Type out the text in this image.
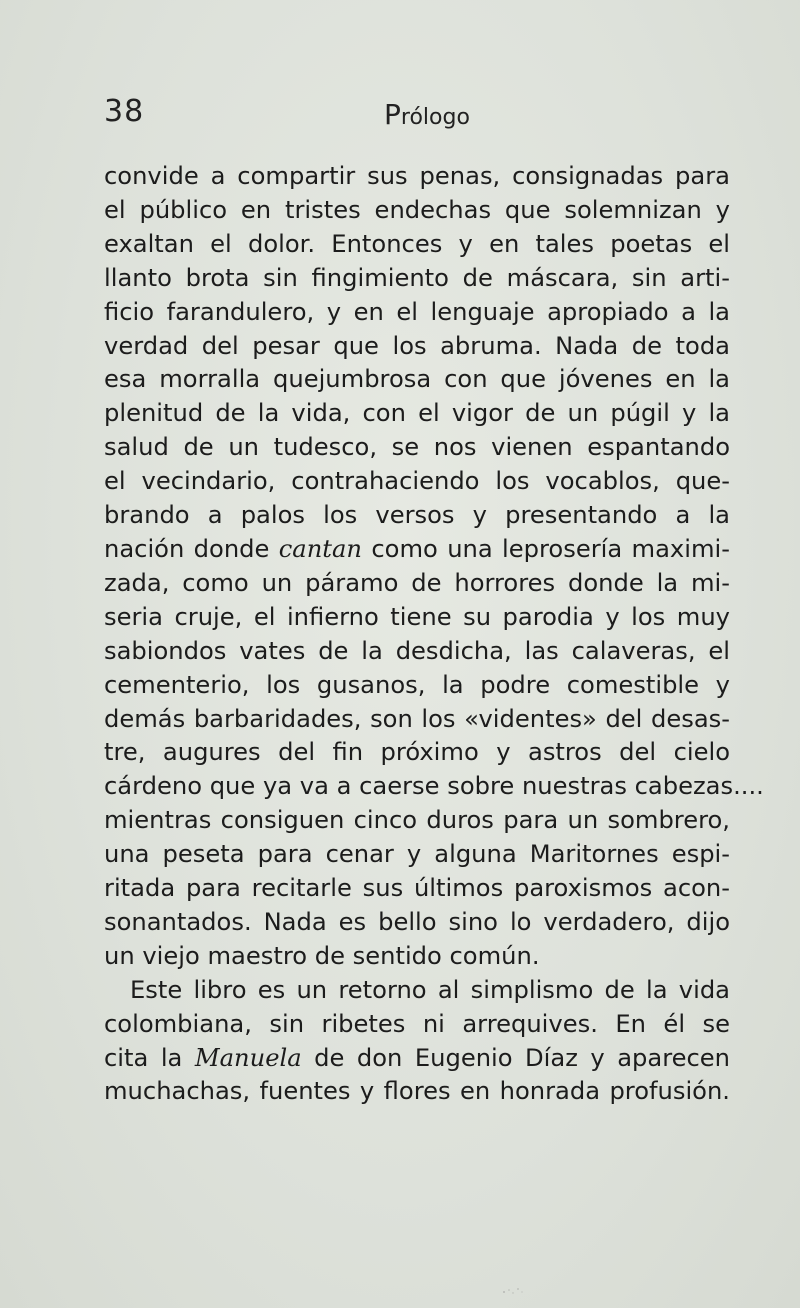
38	Prólogo
convide a compartir sus penas, consignadas para
el público en tristes endechas que solemnizan y
exaltan el dolor. Entonces y en tales poetas el
llanto brota sin fingimiento de máscara, sin arti-
ficio farandulero, y en el lenguaje apropiado a la
verdad del pesar que los abruma. Nada de toda
esa morralla quejumbrosa con que jóvenes en la
plenitud de la vida, con el vigor de un púgil y la
salud de un tudesco, se nos vienen espantando
el vecindario, contrahaciendo los vocablos, que-
brando a palos los versos y presentando a la
nación donde cantan como una leprosería maximi-
zada, como un páramo de horrores donde la mi-
seria cruje, el infierno tiene su parodia y los muy
sabiondos vates de la desdicha, las calaveras, el
cementerio, los gusanos, la podre comestible y
demás barbaridades, son los «videntes» del desas-
tre, augures del fin próximo y astros del cielo
cárdeno que ya va a caerse sobre nuestras cabezas....
mientras consiguen cinco duros para un sombrero,
una peseta para cenar y alguna Maritornes espi-
ritada para recitarle sus últimos paroxismos acon-
sonantados. Nada es bello sino lo verdadero, dijo
un viejo maestro de sentido común.
Este libro es un retorno al simplismo de la vida
colombiana, sin ribetes ni arrequives. En él se
cita la Manuela de don Eugenio Díaz y aparecen
muchachas, fuentes y flores en honrada profusión.
